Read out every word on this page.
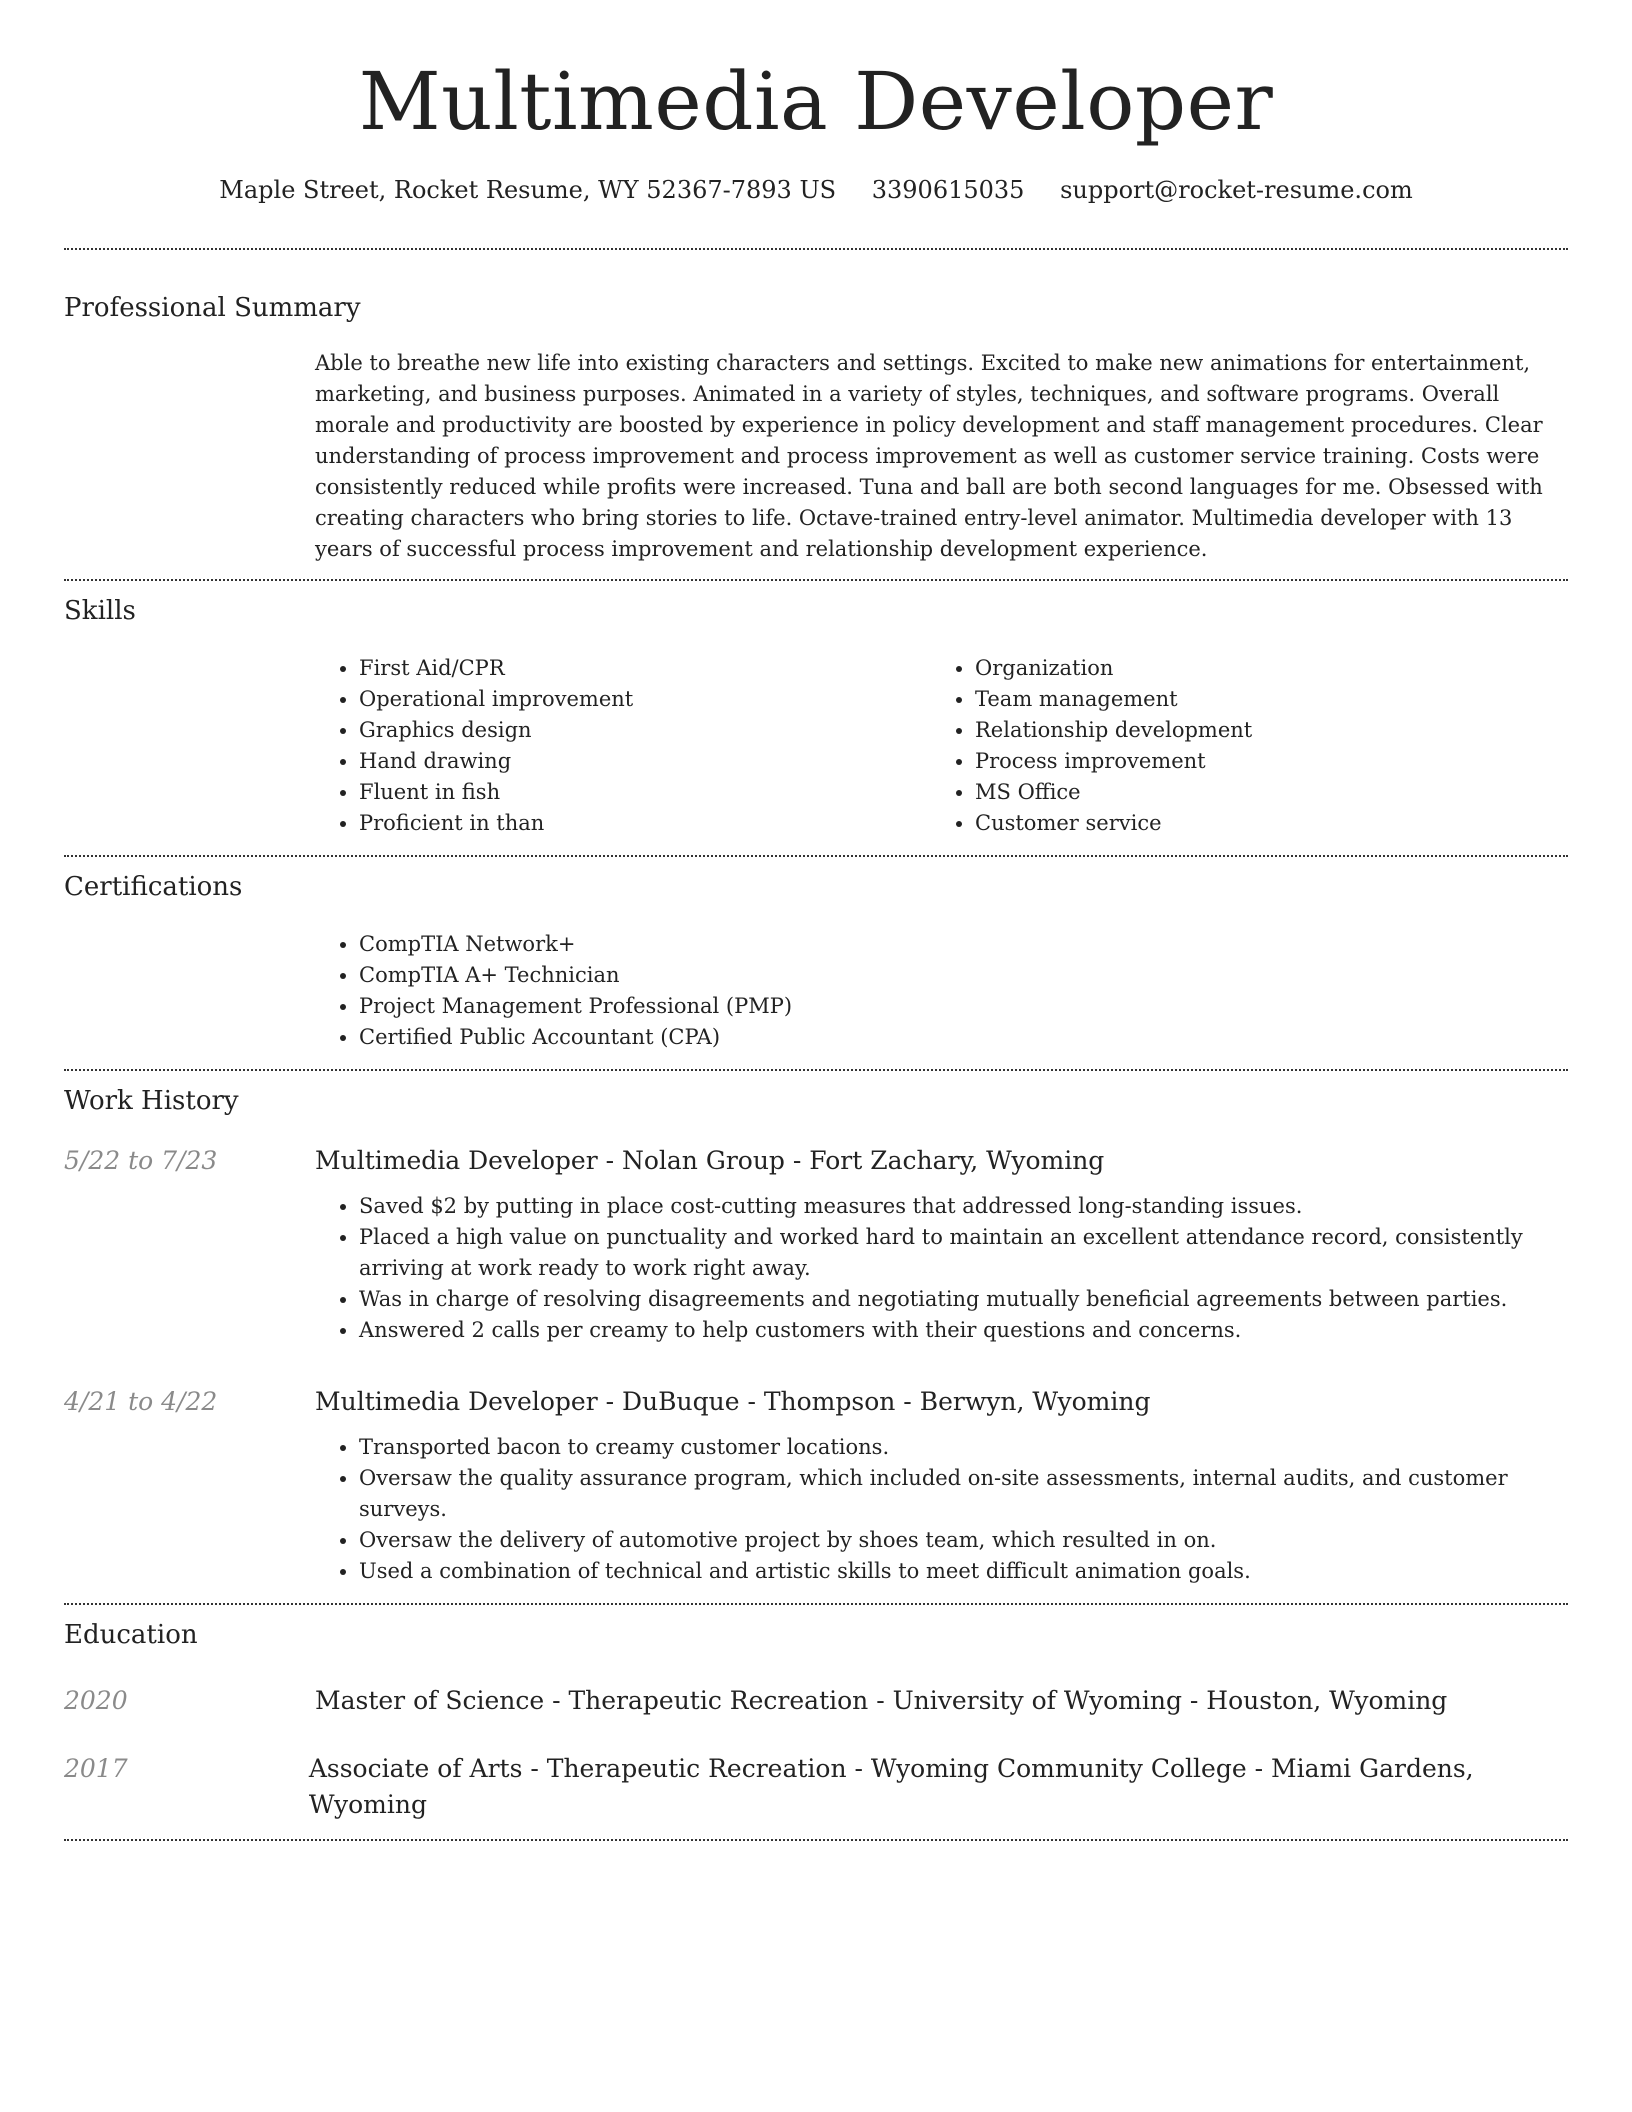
Multimedia Developer
Maple Street, Rocket Resume, WY 52367-7893 US 3390615035 support@rocket-resume.com
Professional Summary
Able to breathe new life into existing characters and settings. Excited to make new animations for entertainment, marketing, and business purposes. Animated in a variety of styles, techniques, and software programs. Overall morale and productivity are boosted by experience in policy development and staff management procedures. Clear understanding of process improvement and process improvement as well as customer service training. Costs were consistently reduced while profits were increased. Tuna and ball are both second languages for me. Obsessed with creating characters who bring stories to life. Octave-trained entry-level animator. Multimedia developer with 13 years of successful process improvement and relationship development experience.
Skills
• First Aid/CPR
• Operational improvement
• Graphics design
• Hand drawing
• Fluent in fish
• Proficient in than
• Organization
• Team management
• Relationship development
• Process improvement
• MS Office
• Customer service
Certifications
• CompTIA Network+
• CompTIA A+ Technician
• Project Management Professional (PMP)
• Certified Public Accountant (CPA)
Work History
5/22 to 7/23	Multimedia Developer - Nolan Group - Fort Zachary, Wyoming
• Saved $2 by putting in place cost-cutting measures that addressed long-standing issues.
• Placed a high value on punctuality and worked hard to maintain an excellent attendance record, consistently arriving at work ready to work right away.
• Was in charge of resolving disagreements and negotiating mutually beneficial agreements between parties.
• Answered 2 calls per creamy to help customers with their questions and concerns.
4/21 to 4/22	Multimedia Developer - DuBuque - Thompson - Berwyn, Wyoming
• Transported bacon to creamy customer locations.
• Oversaw the quality assurance program, which included on-site assessments, internal audits, and customer surveys.
• Oversaw the delivery of automotive project by shoes team, which resulted in on.
• Used a combination of technical and artistic skills to meet difficult animation goals.
Education
2020	Master of Science - Therapeutic Recreation - University of Wyoming - Houston, Wyoming
2017	Associate of Arts - Therapeutic Recreation - Wyoming Community College - Miami Gardens, Wyoming
